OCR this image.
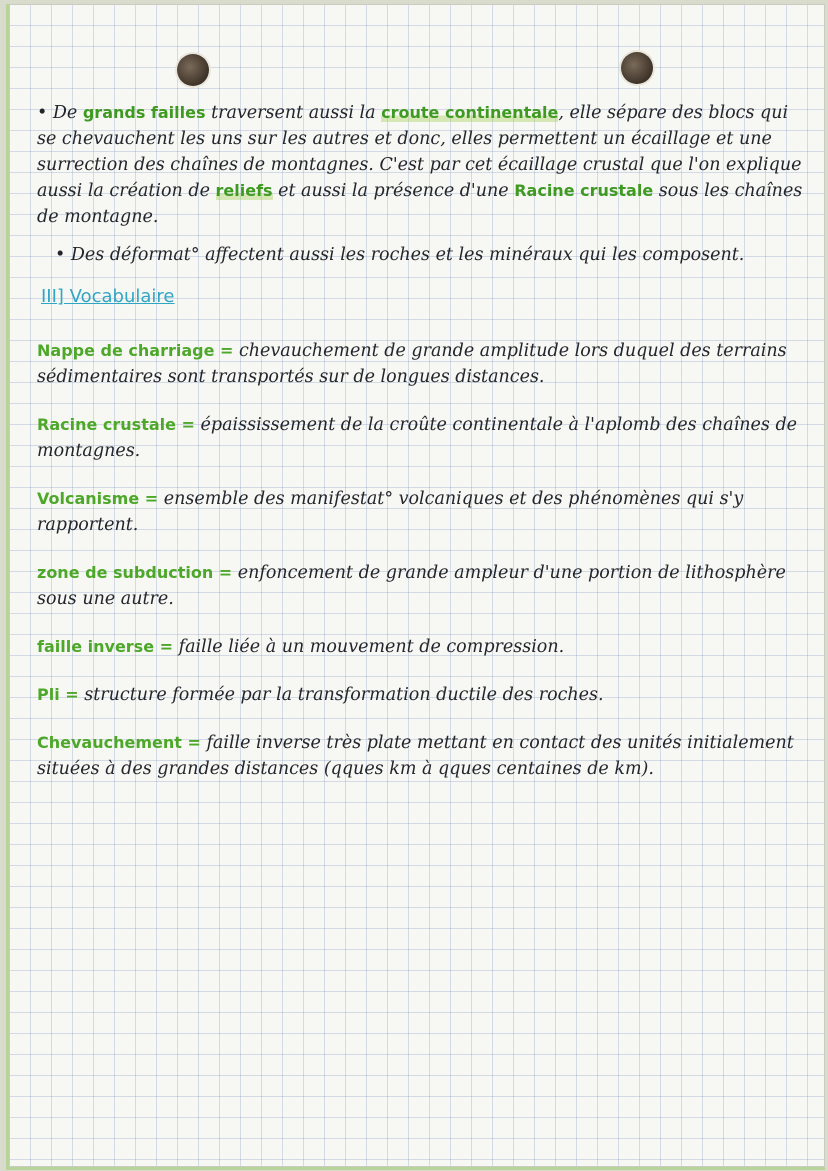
• De grands failles traversent aussi la croute continentale, elle sépare des blocs qui se chevauchent les uns sur les autres et donc, elles permettent un écaillage et une surrection des chaînes de montagnes. C'est par cet écaillage crustal que l'on explique aussi la création de reliefs et aussi la présence d'une Racine crustale sous les chaînes de montagne.

• Des déformat° affectent aussi les roches et les minéraux qui les composent.

III] Vocabulaire
Nappe de charriage = chevauchement de grande amplitude lors duquel des terrains sédimentaires sont transportés sur de longues distances.
Racine crustale = épaississement de la croûte continentale à l'aplomb des chaînes de montagnes.
Volcanisme = ensemble des manifestat° volcaniques et des phénomènes qui s'y rapportent.
zone de subduction = enfoncement de grande ampleur d'une portion de lithosphère sous une autre.
faille inverse = faille liée à un mouvement de compression.
Pli = structure formée par la transformation ductile des roches.
Chevauchement = faille inverse très plate mettant en contact des unités initialement situées à des grandes distances (qques km à qques centaines de km).
